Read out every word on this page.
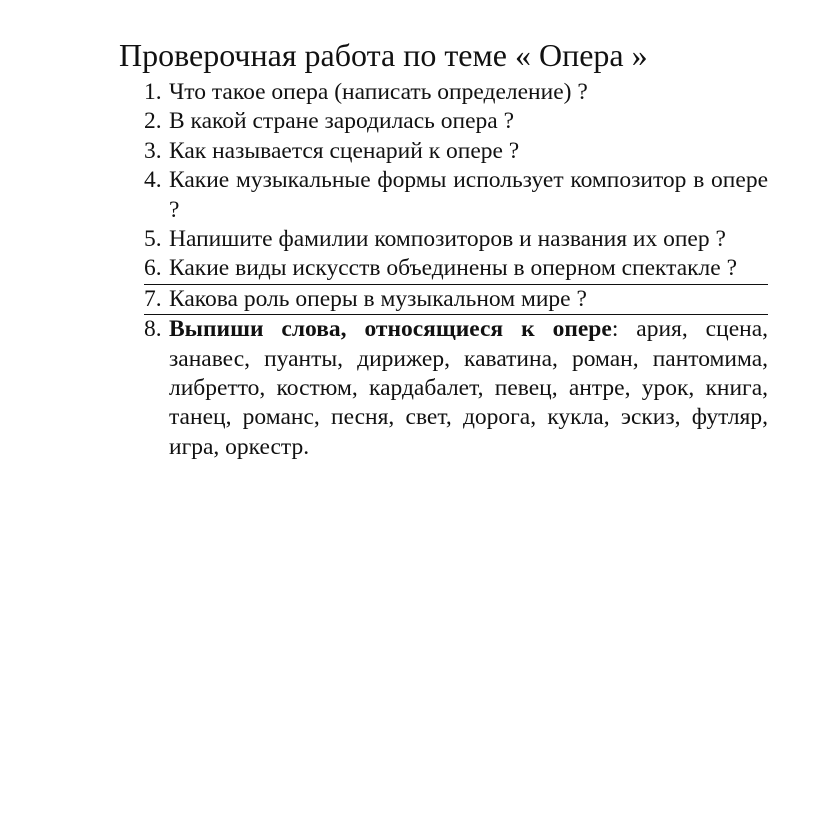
Проверочная работа по теме « Опера »
1. Что такое опера (написать определение) ?
2. В какой стране зародилась опера ?
3. Как называется сценарий к опере ?
4. Какие музыкальные формы использует композитор в опере ?
5. Напишите фамилии композиторов и названия их опер ?
6. Какие виды искусств объединены в оперном спектакле ?
7. Какова роль оперы в музыкальном мире ?
8. Выпиши слова, относящиеся к опере: ария, сцена, занавес, пуанты, дирижер, каватина, роман, пантомима, либретто, костюм, кардабалет, певец, антре, урок, книга, танец, романс, песня, свет, дорога, кукла, эскиз, футляр, игра, оркестр.
